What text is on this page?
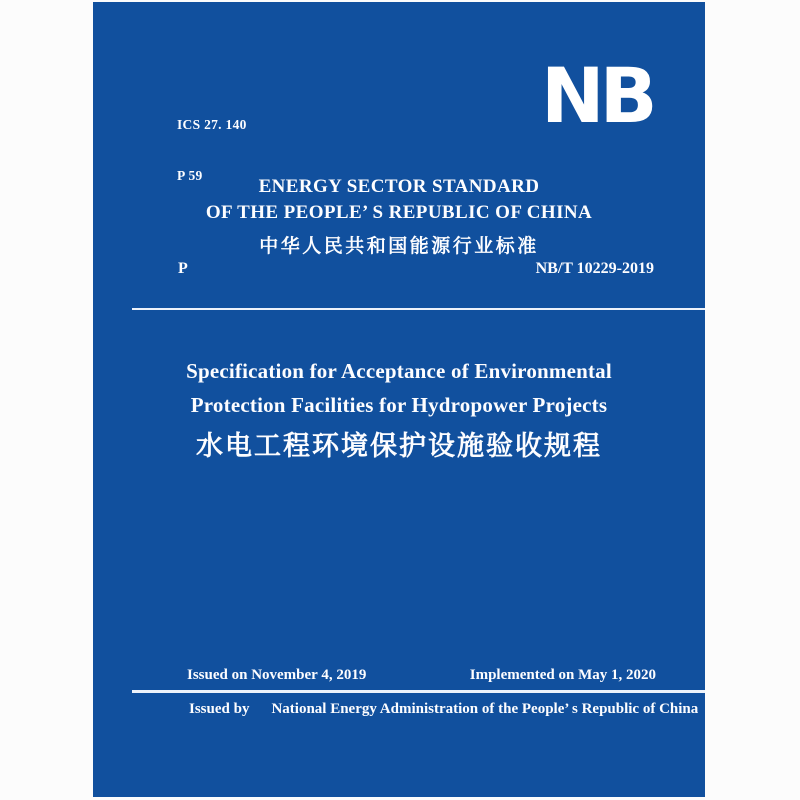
ICS 27. 140

P 59

NB
ENERGY SECTOR STANDARD
OF THE PEOPLE’ S REPUBLIC OF CHINA
中华人民共和国能源行业标准
P	NB/T 10229-2019
Specification for Acceptance of Environmental
Protection Facilities for Hydropower Projects
水电工程环境保护设施验收规程
Issued on November 4, 2019	Implemented on May 1, 2020
Issued by National Energy Administration of the People’ s Republic of China
